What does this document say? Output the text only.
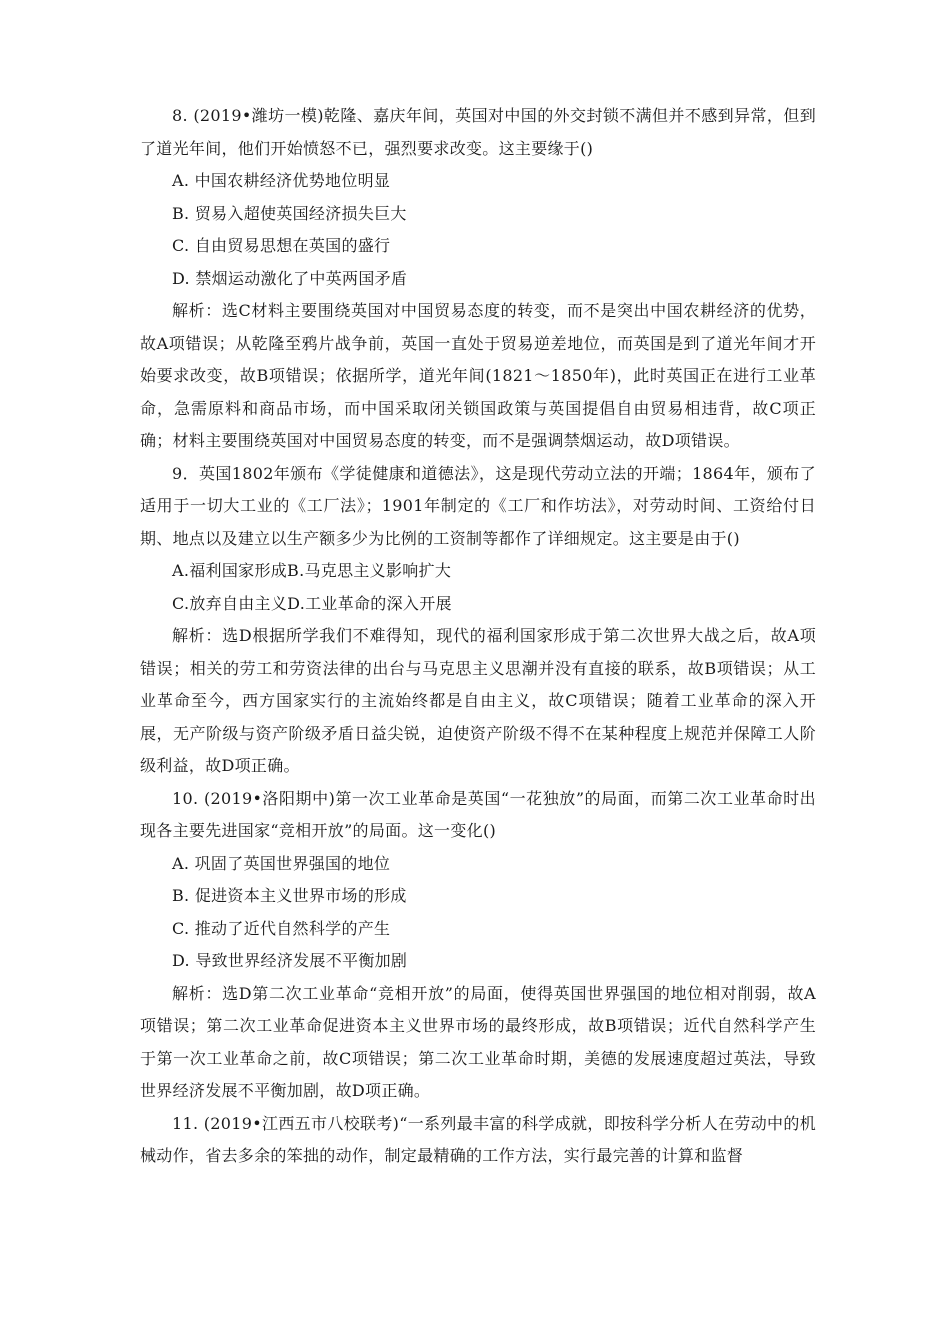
8. (2019•潍坊一模)乾隆、嘉庆年间，英国对中国的外交封锁不满但并不感到异常，但到了道光年间，他们开始愤怒不已，强烈要求改变。这主要缘于()

A. 中国农耕经济优势地位明显

B. 贸易入超使英国经济损失巨大

C. 自由贸易思想在英国的盛行

D. 禁烟运动激化了中英两国矛盾

解析：选C材料主要围绕英国对中国贸易态度的转变，而不是突出中国农耕经济的优势，故A项错误；从乾隆至鸦片战争前，英国一直处于贸易逆差地位，而英国是到了道光年间才开始要求改变，故B项错误；依据所学，道光年间(1821～1850年)，此时英国正在进行工业革命，急需原料和商品市场，而中国采取闭关锁国政策与英国提倡自由贸易相违背，故C项正确；材料主要围绕英国对中国贸易态度的转变，而不是强调禁烟运动，故D项错误。

9．英国1802年颁布《学徒健康和道德法》，这是现代劳动立法的开端；1864年，颁布了适用于一切大工业的《工厂法》；1901年制定的《工厂和作坊法》，对劳动时间、工资给付日期、地点以及建立以生产额多少为比例的工资制等都作了详细规定。这主要是由于()

A.福利国家形成B.马克思主义影响扩大

C.放弃自由主义D.工业革命的深入开展

解析：选D根据所学我们不难得知，现代的福利国家形成于第二次世界大战之后，故A项错误；相关的劳工和劳资法律的出台与马克思主义思潮并没有直接的联系，故B项错误；从工业革命至今，西方国家实行的主流始终都是自由主义，故C项错误；随着工业革命的深入开展，无产阶级与资产阶级矛盾日益尖锐，迫使资产阶级不得不在某种程度上规范并保障工人阶级利益，故D项正确。

10. (2019•洛阳期中)第一次工业革命是英国“一花独放”的局面，而第二次工业革命时出现各主要先进国家“竞相开放”的局面。这一变化()

A. 巩固了英国世界强国的地位

B. 促进资本主义世界市场的形成

C. 推动了近代自然科学的产生

D. 导致世界经济发展不平衡加剧

解析：选D第二次工业革命“竞相开放”的局面，使得英国世界强国的地位相对削弱，故A项错误；第二次工业革命促进资本主义世界市场的最终形成，故B项错误；近代自然科学产生于第一次工业革命之前，故C项错误；第二次工业革命时期，美德的发展速度超过英法，导致世界经济发展不平衡加剧，故D项正确。

11. (2019•江西五市八校联考)“一系列最丰富的科学成就，即按科学分析人在劳动中的机械动作，省去多余的笨拙的动作，制定最精确的工作方法，实行最完善的计算和监督
